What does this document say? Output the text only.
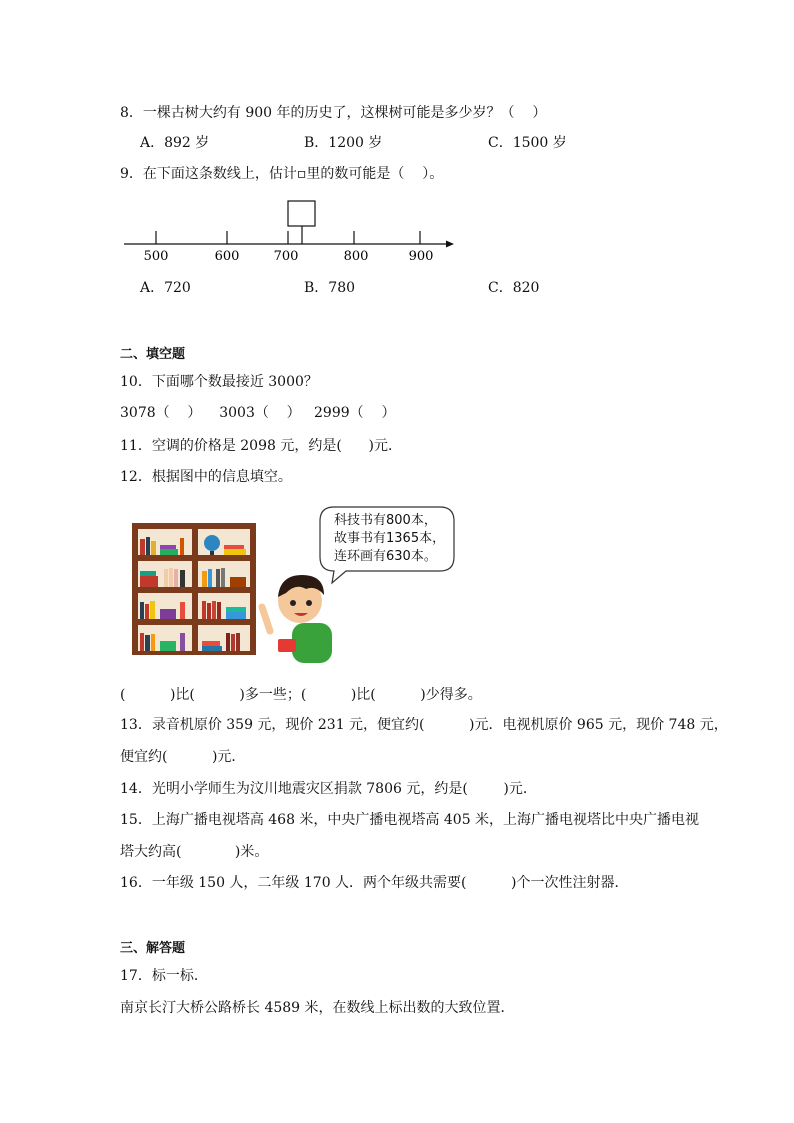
8．一棵古树大约有 900 年的历史了，这棵树可能是多少岁？（    ）
A．892 岁	B．1200 岁	C．1500 岁
9．在下面这条数线上，估计▫里的数可能是（    ）。
500	600	700	800	900
A．720	B．780	C．820
二、填空题
10．下面哪个数最接近 3000？
3078（    ）    3003（    ）   2999（    ）
11．空调的价格是 2098 元，约是(      )元．
12．根据图中的信息填空。
科技书有800本，
故事书有1365本，
连环画有630本。
(          )比(          )多一些；(          )比(          )少得多。
13．录音机原价 359 元，现价 231 元，便宜约(          )元．电视机原价 965 元，现价 748 元，
便宜约(          )元．
14．光明小学师生为汶川地震灾区捐款 7806 元，约是(        )元．
15．上海广播电视塔高 468 米，中央广播电视塔高 405 米，上海广播电视塔比中央广播电视
塔大约高(            )米。
16．一年级 150 人，二年级 170 人．两个年级共需要(          )个一次性注射器．
三、解答题
17．标一标．
南京长汀大桥公路桥长 4589 米，在数线上标出数的大致位置．
